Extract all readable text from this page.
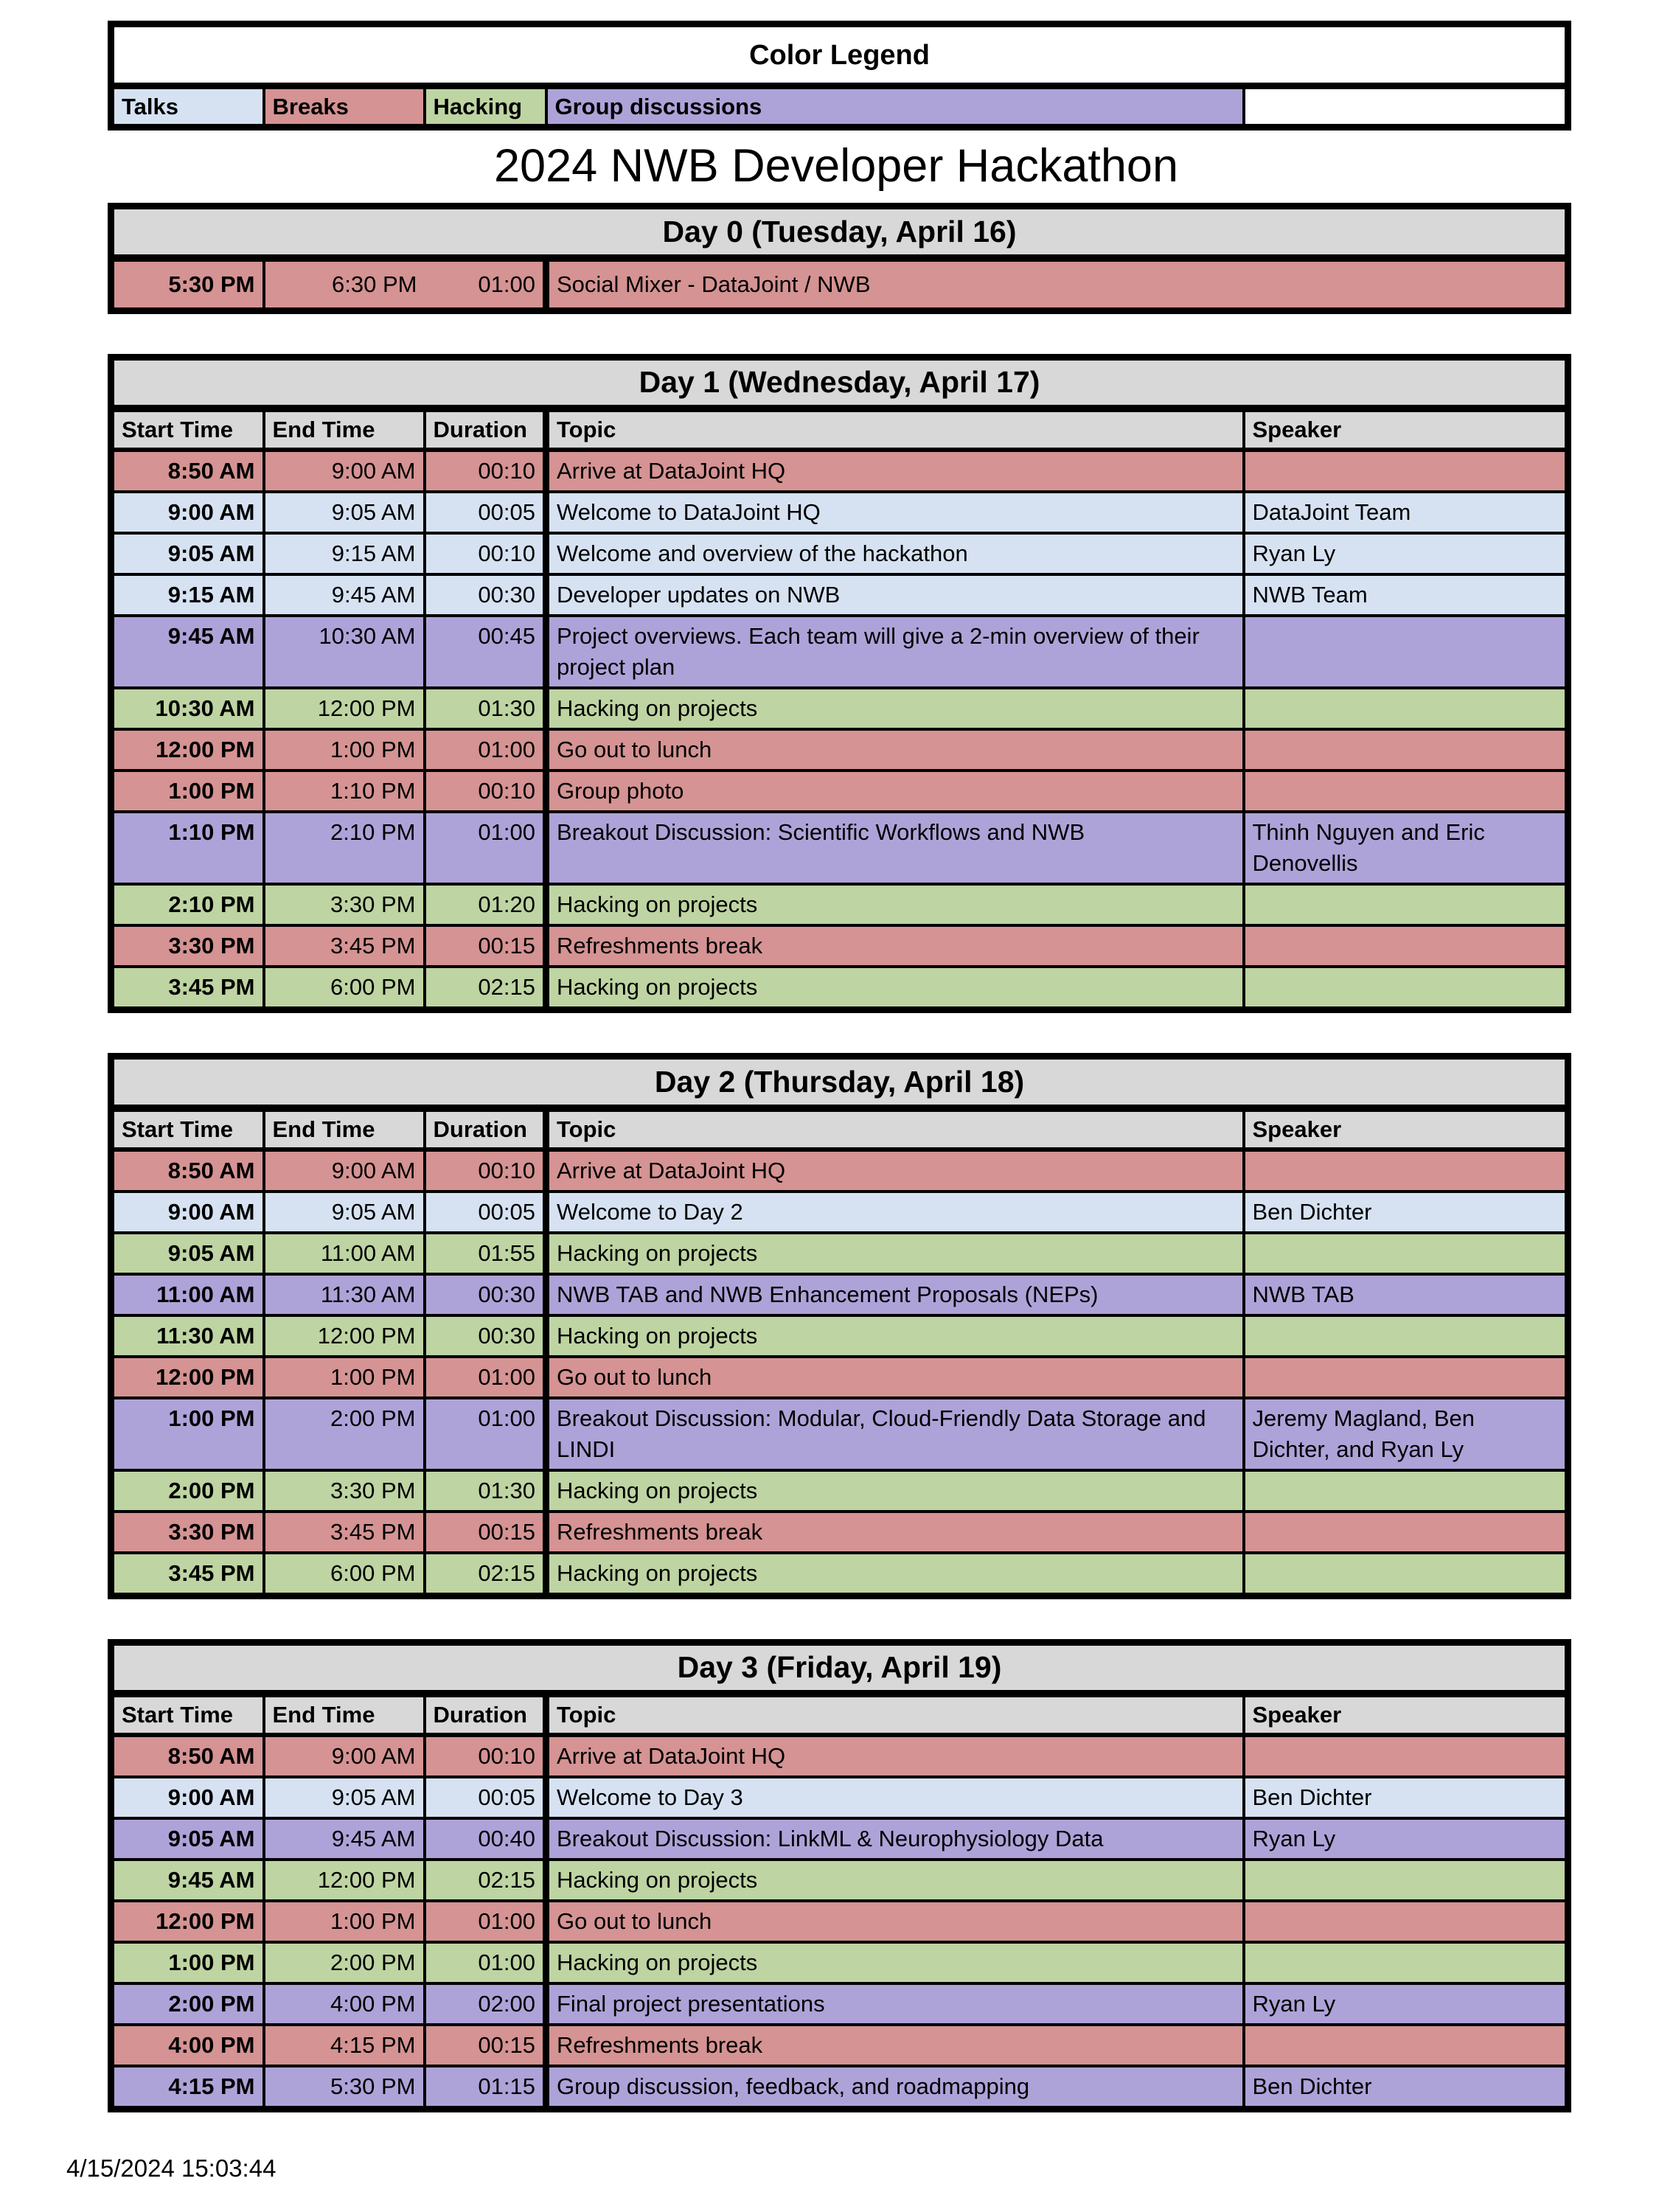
Color Legend
Talks	Breaks	Hacking	Group discussions	
2024 NWB Developer Hackathon
Day 0 (Tuesday, April 16)
5:30 PM	6:30 PM	01:00	Social Mixer - DataJoint / NWB
Day 1 (Wednesday, April 17)				
Start Time	End Time	Duration	Topic	Speaker
8:50 AM	9:00 AM	00:10	Arrive at DataJoint HQ	
9:00 AM	9:05 AM	00:05	Welcome to DataJoint HQ	DataJoint Team
9:05 AM	9:15 AM	00:10	Welcome and overview of the hackathon	Ryan Ly
9:15 AM	9:45 AM	00:30	Developer updates on NWB	NWB Team
9:45 AM	10:30 AM	00:45	Project overviews. Each team will give a 2-min overview of their project plan	
10:30 AM	12:00 PM	01:30	Hacking on projects	
12:00 PM	1:00 PM	01:00	Go out to lunch	
1:00 PM	1:10 PM	00:10	Group photo	
1:10 PM	2:10 PM	01:00	Breakout Discussion: Scientific Workflows and NWB	Thinh Nguyen and Eric Denovellis
2:10 PM	3:30 PM	01:20	Hacking on projects	
3:30 PM	3:45 PM	00:15	Refreshments break	
3:45 PM	6:00 PM	02:15	Hacking on projects	
Day 2 (Thursday, April 18)				
Start Time	End Time	Duration	Topic	Speaker
8:50 AM	9:00 AM	00:10	Arrive at DataJoint HQ	
9:00 AM	9:05 AM	00:05	Welcome to Day 2	Ben Dichter
9:05 AM	11:00 AM	01:55	Hacking on projects	
11:00 AM	11:30 AM	00:30	NWB TAB and NWB Enhancement Proposals (NEPs)	NWB TAB
11:30 AM	12:00 PM	00:30	Hacking on projects	
12:00 PM	1:00 PM	01:00	Go out to lunch	
1:00 PM	2:00 PM	01:00	Breakout Discussion: Modular, Cloud-Friendly Data Storage and LINDI	Jeremy Magland, Ben Dichter, and Ryan Ly
2:00 PM	3:30 PM	01:30	Hacking on projects	
3:30 PM	3:45 PM	00:15	Refreshments break	
3:45 PM	6:00 PM	02:15	Hacking on projects	
Day 3 (Friday, April 19)				
Start Time	End Time	Duration	Topic	Speaker
8:50 AM	9:00 AM	00:10	Arrive at DataJoint HQ	
9:00 AM	9:05 AM	00:05	Welcome to Day 3	Ben Dichter
9:05 AM	9:45 AM	00:40	Breakout Discussion: LinkML & Neurophysiology Data	Ryan Ly
9:45 AM	12:00 PM	02:15	Hacking on projects	
12:00 PM	1:00 PM	01:00	Go out to lunch	
1:00 PM	2:00 PM	01:00	Hacking on projects	
2:00 PM	4:00 PM	02:00	Final project presentations	Ryan Ly
4:00 PM	4:15 PM	00:15	Refreshments break	
4:15 PM	5:30 PM	01:15	Group discussion, feedback, and roadmapping	Ben Dichter
4/15/2024 15:03:44
